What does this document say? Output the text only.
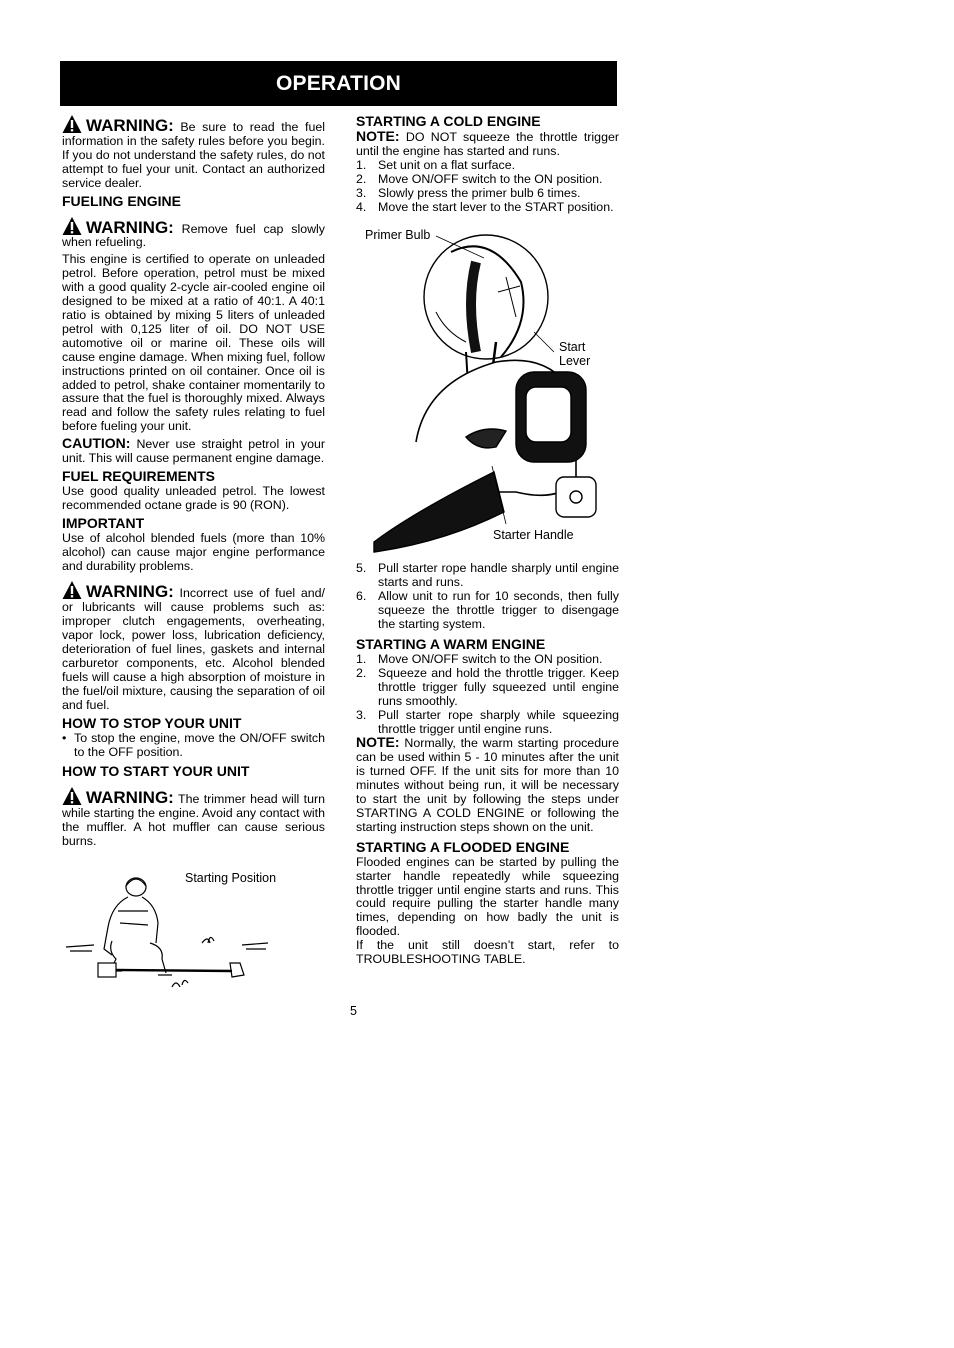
OPERATION

WARNING: Be sure to read the fuel information in the safety rules before you begin. If you do not understand the safety rules, do not attempt to fuel your unit. Contact an authorized service dealer.

FUELING ENGINE

WARNING: Remove fuel cap slowly when refueling.

This engine is certified to operate on unleaded petrol. Before operation, petrol must be mixed with a good quality 2-cycle air-cooled engine oil designed to be mixed at a ratio of 40:1. A 40:1 ratio is obtained by mixing 5 liters of unleaded petrol with 0,125 liter of oil. DO NOT USE automotive oil or marine oil. These oils will cause engine damage. When mixing fuel, follow instructions printed on oil container. Once oil is added to petrol, shake container momentarily to assure that the fuel is thoroughly mixed. Always read and follow the safety rules relating to fuel before fueling your unit.

CAUTION: Never use straight petrol in your unit. This will cause permanent engine damage.

FUEL REQUIREMENTS

Use good quality unleaded petrol. The lowest recommended octane grade is 90 (RON).

IMPORTANT

Use of alcohol blended fuels (more than 10% alcohol) can cause major engine performance and durability problems.

WARNING: Incorrect use of fuel and/ or lubricants will cause problems such as: improper clutch engagements, overheating, vapor lock, power loss, lubrication deficiency, deterioration of fuel lines, gaskets and internal carburetor components, etc. Alcohol blended fuels will cause a high absorption of moisture in the fuel/oil mixture, causing the separation of oil and fuel.

HOW TO STOP YOUR UNIT
• To stop the engine, move the ON/OFF switch to the OFF position.
HOW TO START YOUR UNIT

WARNING: The trimmer head will turn while starting the engine. Avoid any contact with the muffler. A hot muffler can cause serious burns.

Starting Position
STARTING A COLD ENGINE

NOTE: DO NOT squeeze the throttle trigger until the engine has started and runs.

1. Set unit on a flat surface.
2. Move ON/OFF switch to the ON position.
3. Slowly press the primer bulb 6 times.
4. Move the start lever to the START position.
Primer Bulb
Start
Lever
Starter Handle
5. Pull starter rope handle sharply until engine starts and runs.
6. Allow unit to run for 10 seconds, then fully squeeze the throttle trigger to disengage the starting system.
STARTING A WARM ENGINE
1. Move ON/OFF switch to the ON position.
2. Squeeze and hold the throttle trigger. Keep throttle trigger fully squeezed until engine runs smoothly.
3. Pull starter rope sharply while squeezing throttle trigger until engine runs.

NOTE: Normally, the warm starting procedure can be used within 5 - 10 minutes after the unit is turned OFF. If the unit sits for more than 10 minutes without being run, it will be necessary to start the unit by following the steps under STARTING A COLD ENGINE or following the starting instruction steps shown on the unit.

STARTING A FLOODED ENGINE

Flooded engines can be started by pulling the starter handle repeatedly while squeezing throttle trigger until engine starts and runs. This could require pulling the starter handle many times, depending on how badly the unit is flooded.

If the unit still doesn’t start, refer to TROUBLESHOOTING TABLE.

5
